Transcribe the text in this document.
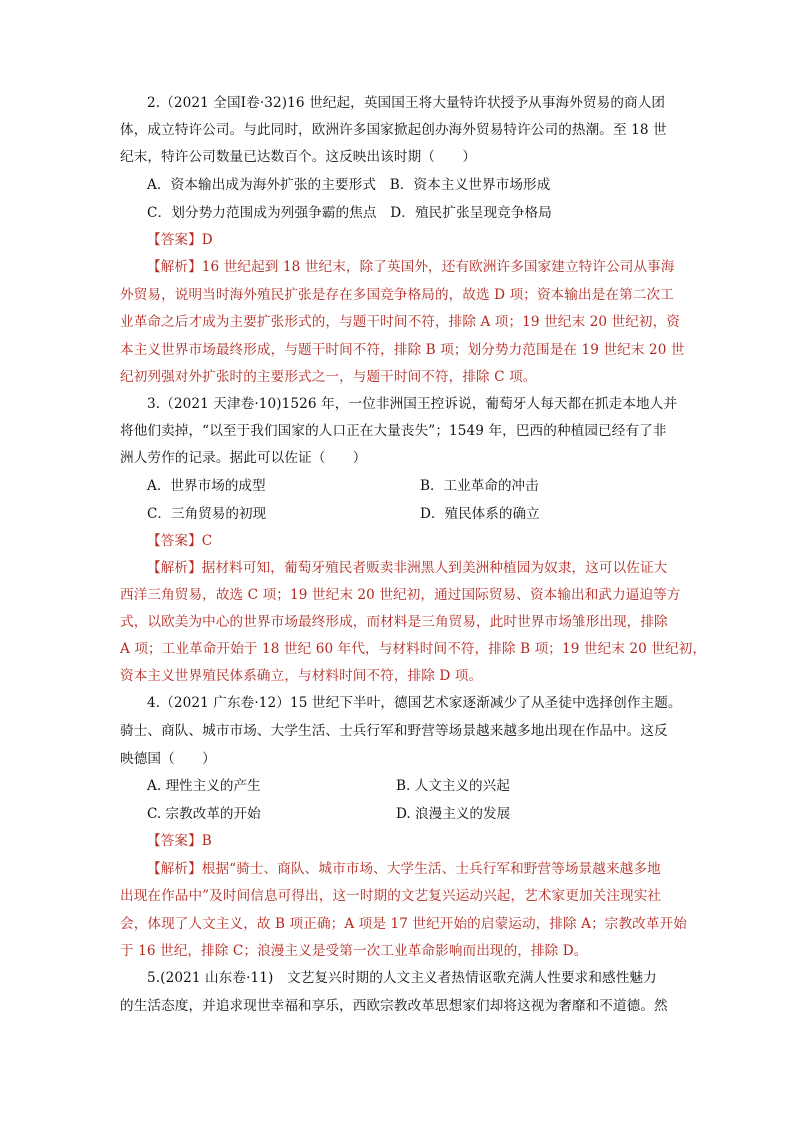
2.（2021 全国Ⅰ卷·32)16 世纪起，英国国王将大量特许状授予从事海外贸易的商人团
体，成立特许公司。与此同时，欧洲许多国家掀起创办海外贸易特许公司的热潮。至 18 世
纪末，特许公司数量已达数百个。这反映出该时期（　　）
A．资本输出成为海外扩张的主要形式　B．资本主义世界市场形成
C．划分势力范围成为列强争霸的焦点　D．殖民扩张呈现竞争格局
【答案】D
【解析】16 世纪起到 18 世纪末，除了英国外，还有欧洲许多国家建立特许公司从事海
外贸易，说明当时海外殖民扩张是存在多国竞争格局的，故选 D 项；资本输出是在第二次工
业革命之后才成为主要扩张形式的，与题干时间不符，排除 A 项；19 世纪末 20 世纪初，资
本主义世界市场最终形成，与题干时间不符，排除 B 项；划分势力范围是在 19 世纪末 20 世
纪初列强对外扩张时的主要形式之一，与题干时间不符，排除 C 项。
3.（2021 天津卷·10)1526 年，一位非洲国王控诉说，葡萄牙人每天都在抓走本地人并
将他们卖掉，“以至于我们国家的人口正在大量丧失”；1549 年，巴西的种植园已经有了非
洲人劳作的记录。据此可以佐证（　　）
A．世界市场的成型	B．工业革命的冲击
C．三角贸易的初现	D．殖民体系的确立
【答案】C
【解析】据材料可知，葡萄牙殖民者贩卖非洲黑人到美洲种植园为奴隶，这可以佐证大
西洋三角贸易，故选 C 项；19 世纪末 20 世纪初，通过国际贸易、资本输出和武力逼迫等方
式，以欧美为中心的世界市场最终形成，而材料是三角贸易，此时世界市场雏形出现，排除
A 项；工业革命开始于 18 世纪 60 年代，与材料时间不符，排除 B 项；19 世纪末 20 世纪初，
资本主义世界殖民体系确立，与材料时间不符，排除 D 项。
4.（2021 广东卷·12）15 世纪下半叶，德国艺术家逐渐减少了从圣徒中选择创作主题。
骑士、商队、城市市场、大学生活、士兵行军和野营等场景越来越多地出现在作品中。这反
映德国（　　）
A. 理性主义的产生	B. 人文主义的兴起
C. 宗教改革的开始	D. 浪漫主义的发展
【答案】B
【解析】根据“骑士、商队、城市市场、大学生活、士兵行军和野营等场景越来越多地
出现在作品中”及时间信息可得出，这一时期的文艺复兴运动兴起，艺术家更加关注现实社
会，体现了人文主义，故 B 项正确；A 项是 17 世纪开始的启蒙运动，排除 A；宗教改革开始
于 16 世纪，排除 C；浪漫主义是受第一次工业革命影响而出现的，排除 D。
5.(2021 山东卷·11)　文艺复兴时期的人文主义者热情讴歌充满人性要求和感性魅力
的生活态度，并追求现世幸福和享乐，西欧宗教改革思想家们却将这视为奢靡和不道德。然
